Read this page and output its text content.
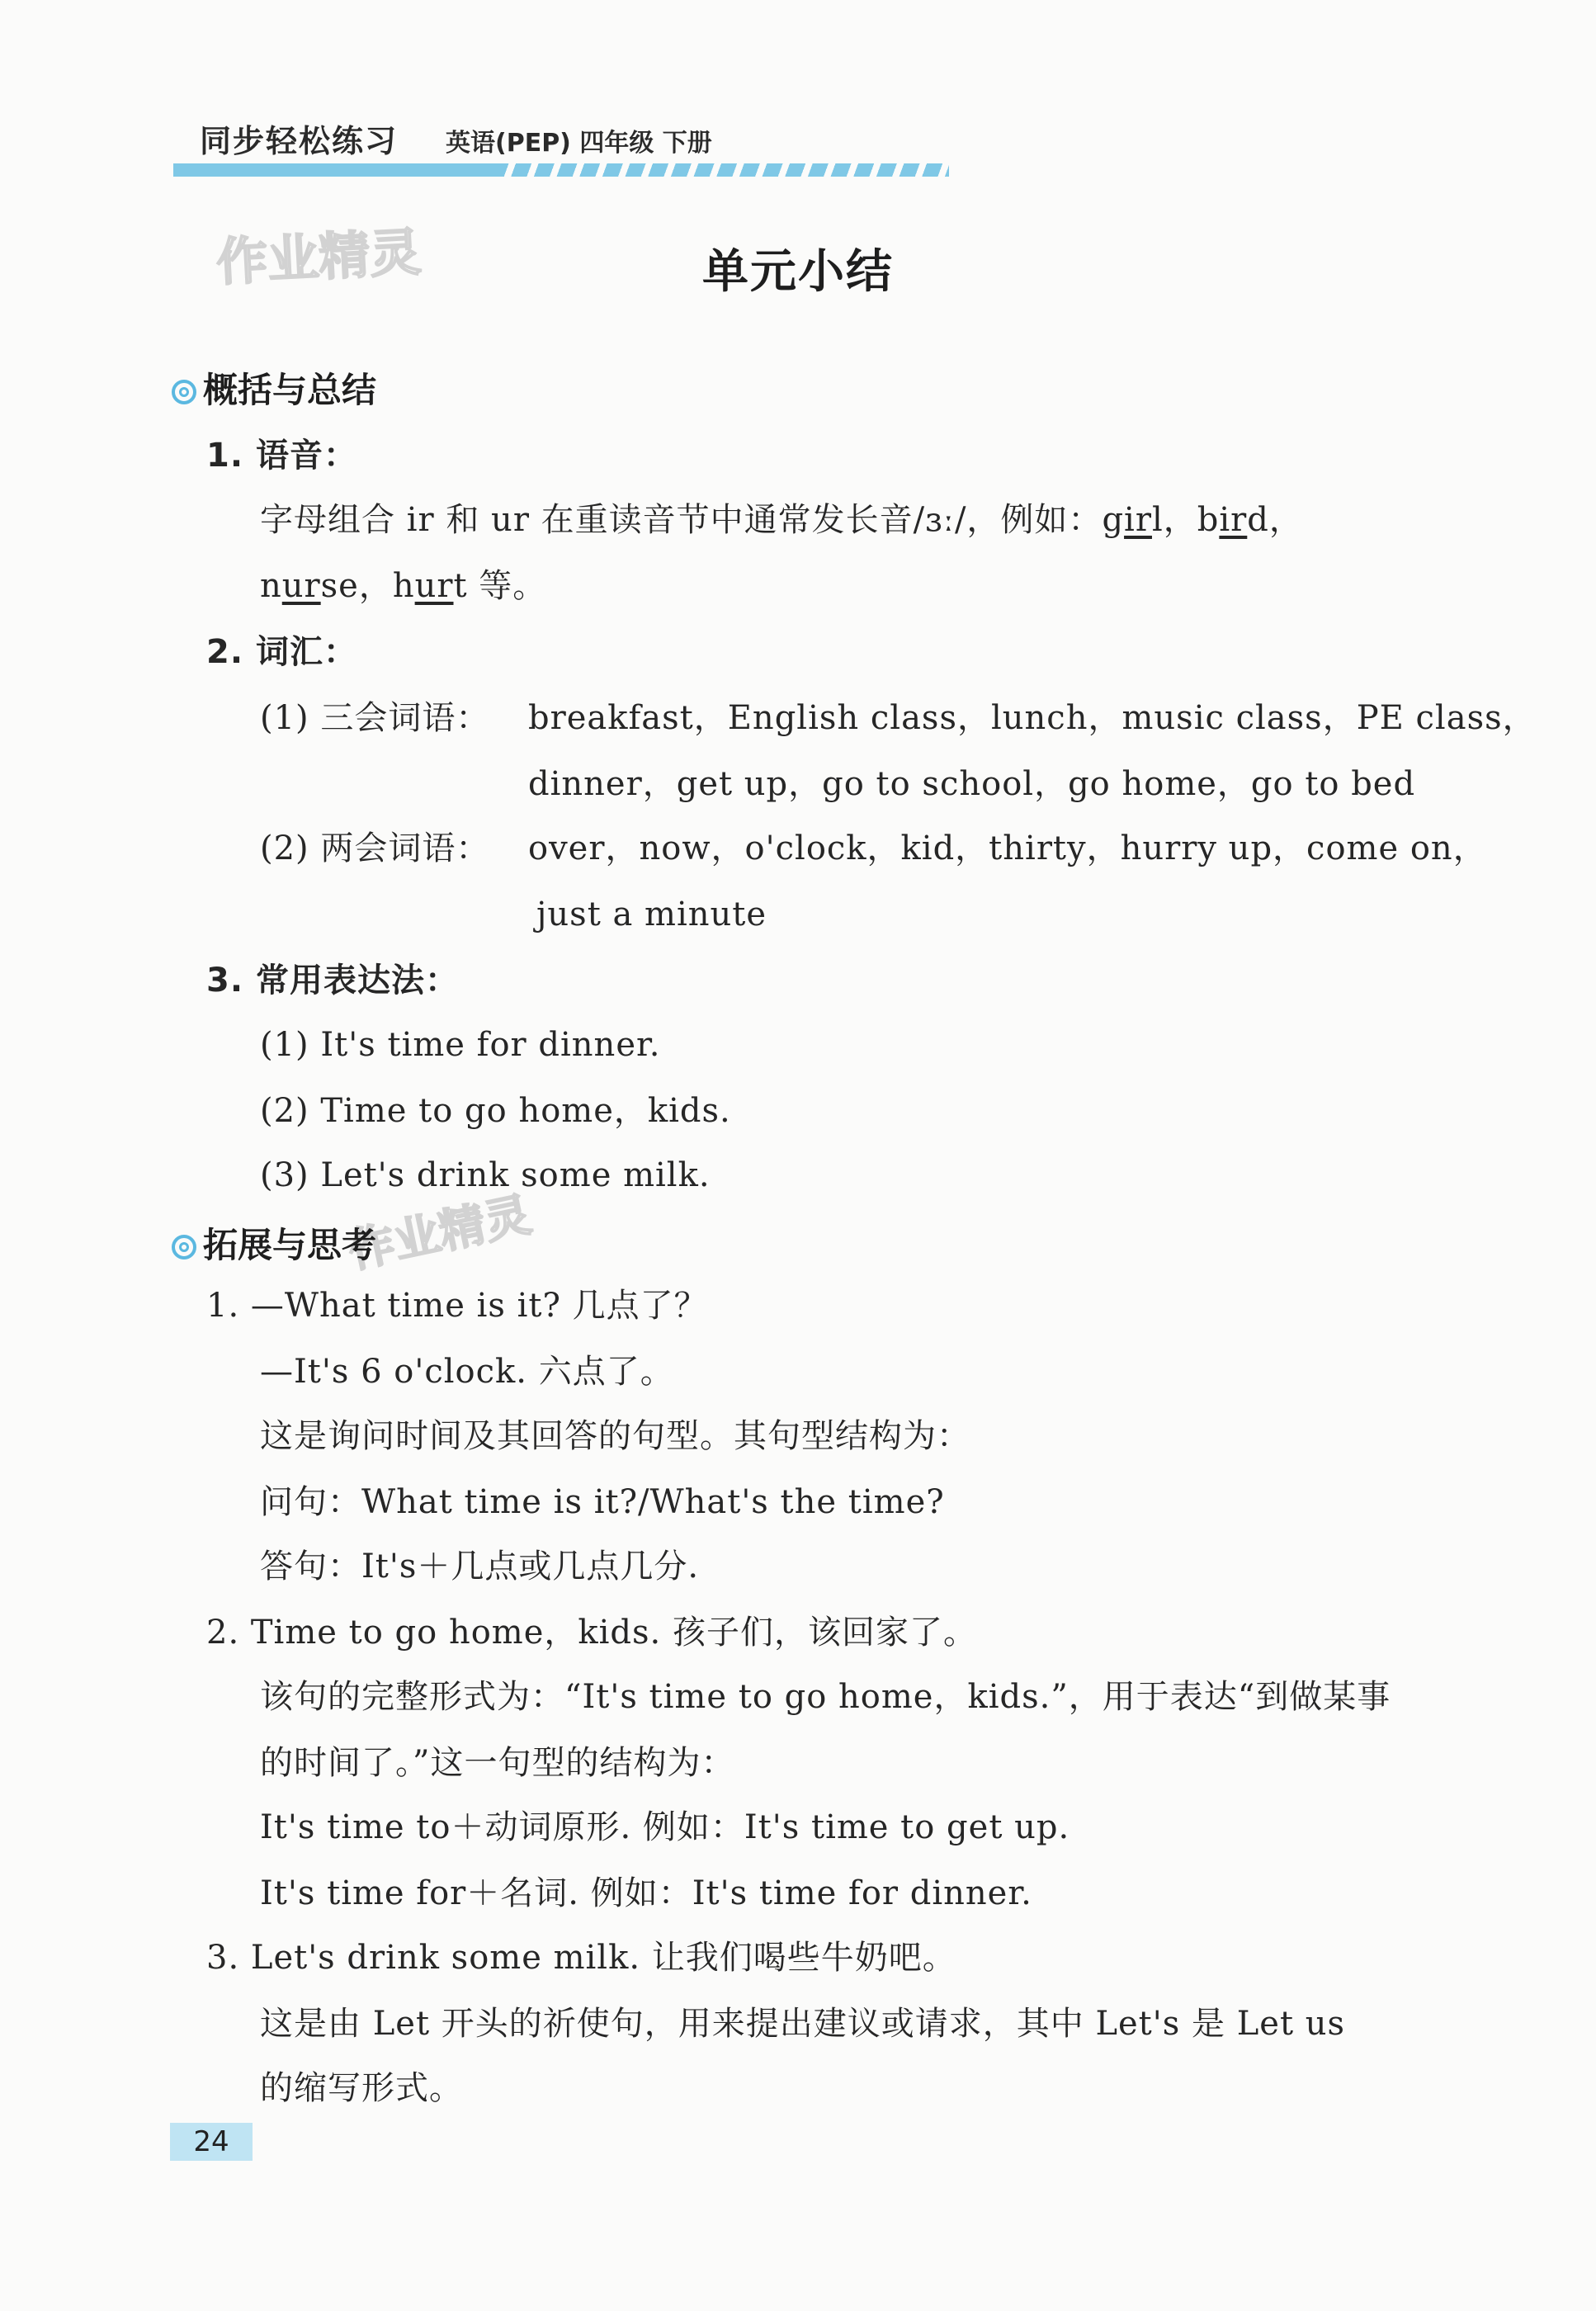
同步轻松练习 英语(PEP) 四年级 下册
作业精灵
作业精灵
单元小结
概括与总结
1. 语音：
字母组合 ir 和 ur 在重读音节中通常发长音/ɜː/，例如：girl，bird，
nurse，hurt 等。
2. 词汇：
(1) 三会词语： breakfast，English class，lunch，music class，PE class，
dinner，get up，go to school，go home，go to bed
(2) 两会词语： over，now，o'clock，kid，thirty，hurry up，come on，
just a minute
3. 常用表达法：
(1) It's time for dinner.
(2) Time to go home，kids.
(3) Let's drink some milk.
拓展与思考
1. —What time is it? 几点了？
—It's 6 o'clock. 六点了。
这是询问时间及其回答的句型。其句型结构为：
问句：What time is it?/What's the time?
答句：It's＋几点或几点几分.
2. Time to go home，kids. 孩子们，该回家了。
该句的完整形式为：“It's time to go home，kids.”，用于表达“到做某事
的时间了。”这一句型的结构为：
It's time to＋动词原形. 例如：It's time to get up.
It's time for＋名词. 例如：It's time for dinner.
3. Let's drink some milk. 让我们喝些牛奶吧。
这是由 Let 开头的祈使句，用来提出建议或请求，其中 Let's 是 Let us
的缩写形式。
24
